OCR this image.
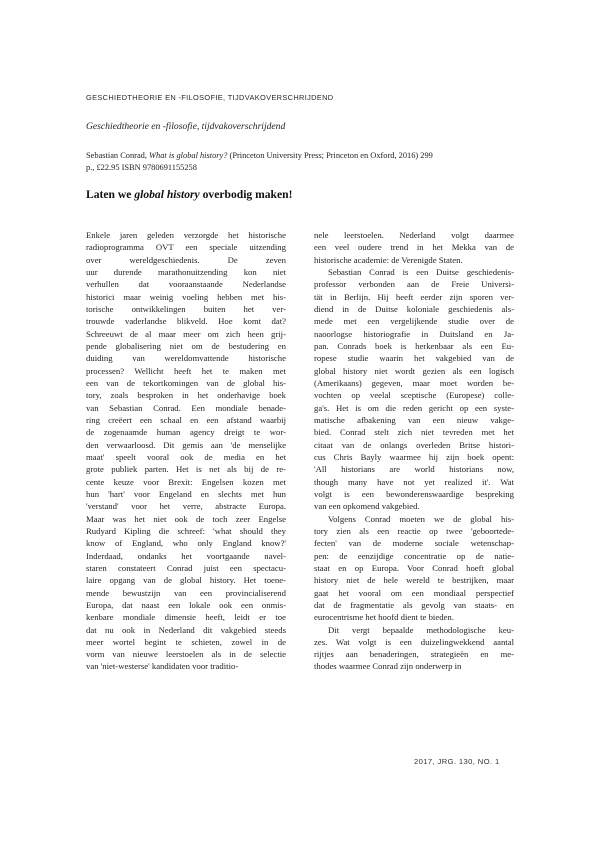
GESCHIEDTHEORIE EN -FILOSOFIE, TIJDVAKOVERSCHRIJDEND
Geschiedtheorie en -filosofie, tijdvakoverschrijdend
Sebastian Conrad, What is global history? (Princeton University Press; Princeton en Oxford, 2016) 299
p., £22.95 ISBN 9780691155258
Laten we global history overbodig maken!
Enkele jaren geleden verzorgde het historische
radioprogramma OVT een speciale uitzending
over wereldgeschiedenis. De zeven
uur durende marathonuitzending kon niet
verhullen dat vooraanstaande Nederlandse
historici maar weinig voeling hebben met his-
torische ontwikkelingen buiten het ver-
trouwde vaderlandse blikveld. Hoe komt dat?
Schreeuwt de al maar meer om zich heen grij-
pende globalisering niet om de bestudering en
duiding van wereldomvattende historische
processen? Wellicht heeft het te maken met
een van de tekortkomingen van de global his-
tory, zoals besproken in het onderhavige boek
van Sebastian Conrad. Een mondiale benade-
ring creëert een schaal en een afstand waarbij
de zogenaamde human agency dreigt te wor-
den verwaarloosd. Dit gemis aan 'de menselijke
maat' speelt vooral ook de media en het
grote publiek parten. Het is net als bij de re-
cente keuze voor Brexit: Engelsen kozen met
hun 'hart' voor Engeland en slechts met hun
'verstand' voor het verre, abstracte Europa.
Maar was het niet ook de toch zeer Engelse
Rudyard Kipling die schreef: 'what should they
know of England, who only England know?'
Inderdaad, ondanks het voortgaande navel-
staren constateert Conrad juist een spectacu-
laire opgang van de global history. Het toene-
mende bewustzijn van een provincialiserend
Europa, dat naast een lokale ook een onmis-
kenbare mondiale dimensie heeft, leidt er toe
dat nu ook in Nederland dit vakgebied steeds
meer wortel begint te schieten, zowel in de
vorm van nieuwe leerstoelen als in de selectie
van 'niet-westerse' kandidaten voor traditio-
nele leerstoelen. Nederland volgt daarmee
een veel oudere trend in het Mekka van de
historische academie: de Verenigde Staten.
Sebastian Conrad is een Duitse geschiedenis-
professor verbonden aan de Freie Universi-
tät in Berlijn. Hij heeft eerder zijn sporen ver-
diend in de Duitse koloniale geschiedenis als-
mede met een vergelijkende studie over de
naoorlogse historiografie in Duitsland en Ja-
pan. Conrads boek is herkenbaar als een Eu-
ropese studie waarin het vakgebied van de
global history niet wordt gezien als een logisch
(Amerikaans) gegeven, maar moet worden be-
vochten op veelal sceptische (Europese) colle-
ga's. Het is om die reden gericht op een syste-
matische afbakening van een nieuw vakge-
bied. Conrad stelt zich niet tevreden met het
citaat van de onlangs overleden Britse histori-
cus Chris Bayly waarmee hij zijn boek opent:
'All historians are world historians now,
though many have not yet realized it'. Wat
volgt is een bewonderenswaardige bespreking
van een opkomend vakgebied.
Volgens Conrad moeten we de global his-
tory zien als een reactie op twee 'geboortede-
fecten' van de moderne sociale wetenschap-
pen: de eenzijdige concentratie op de natie-
staat en op Europa. Voor Conrad hoeft global
history niet de hele wereld te bestrijken, maar
gaat het vooral om een mondiaal perspectief
dat de fragmentatie als gevolg van staats- en
eurocentrisme het hoofd dient te bieden.
Dit vergt bepaalde methodologische keu-
zes. Wat volgt is een duizelingwekkend aantal
rijtjes aan benaderingen, strategieën en me-
thodes waarmee Conrad zijn onderwerp in
2017, JRG. 130, NO. 1
